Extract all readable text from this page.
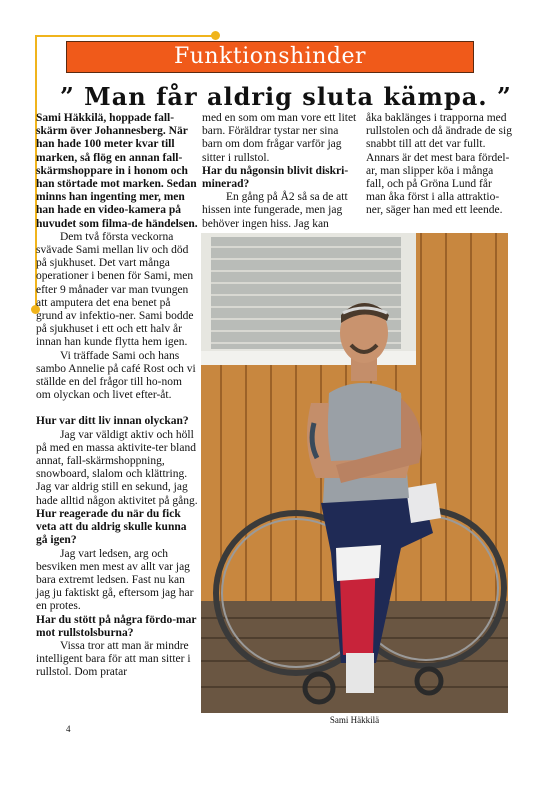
Funktionshinder
” Man får aldrig sluta kämpa. ”

Sami Häkkilä, hoppade fall-skärm över Johannesberg. När han hade 100 meter kvar till marken, så flög en annan fall-skärmshoppare in i honom och han störtade mot marken. Sedan minns han ingenting mer, men han hade en video-kamera på huvudet som filma-de händelsen.

Dem två första veckorna svävade Sami mellan liv och död på sjukhuset. Det vart många operationer i benen för Sami, men efter 9 månader var man tvungen att amputera det ena benet på grund av infektio-ner. Sami bodde på sjukhuset i ett och ett halv år innan han kunde flytta hem igen.

Vi träffade Sami och hans sambo Annelie på café Rost och vi ställde en del frågor till ho-nom om olyckan och livet efter-åt.

Hur var ditt liv innan olyckan?

Jag var väldigt aktiv och höll på med en massa aktivite-ter bland annat, fall-skärmshoppning, snowboard, slalom och klättring. Jag var aldrig still en sekund, jag hade alltid någon aktivitet på gång.

Hur reagerade du när du fick veta att du aldrig skulle kunna gå igen?

Jag vart ledsen, arg och besviken men mest av allt var jag bara extremt ledsen. Fast nu kan jag ju faktiskt gå, eftersom jag har en protes.

Har du stött på några fördo-mar mot rullstolsburna?

Vissa tror att man är mindre intelligent bara för att man sitter i rullstol. Dom pratar

med en som om man vore ett litet barn. Föräldrar tystar ner sina barn om dom frågar varför jag sitter i rullstol.

Har du någonsin blivit diskri-minerad?

En gång på Å2 så sa de att hissen inte fungerade, men jag behöver ingen hiss. Jag kan

åka baklänges i trapporna med rullstolen och då ändrade de sig snabbt till att det var fullt. Annars är det mest bara fördel-ar, man slipper köa i många fall, och på Gröna Lund får man åka först i alla attraktio-ner, säger han med ett leende.

Sami Häkkilä
4
